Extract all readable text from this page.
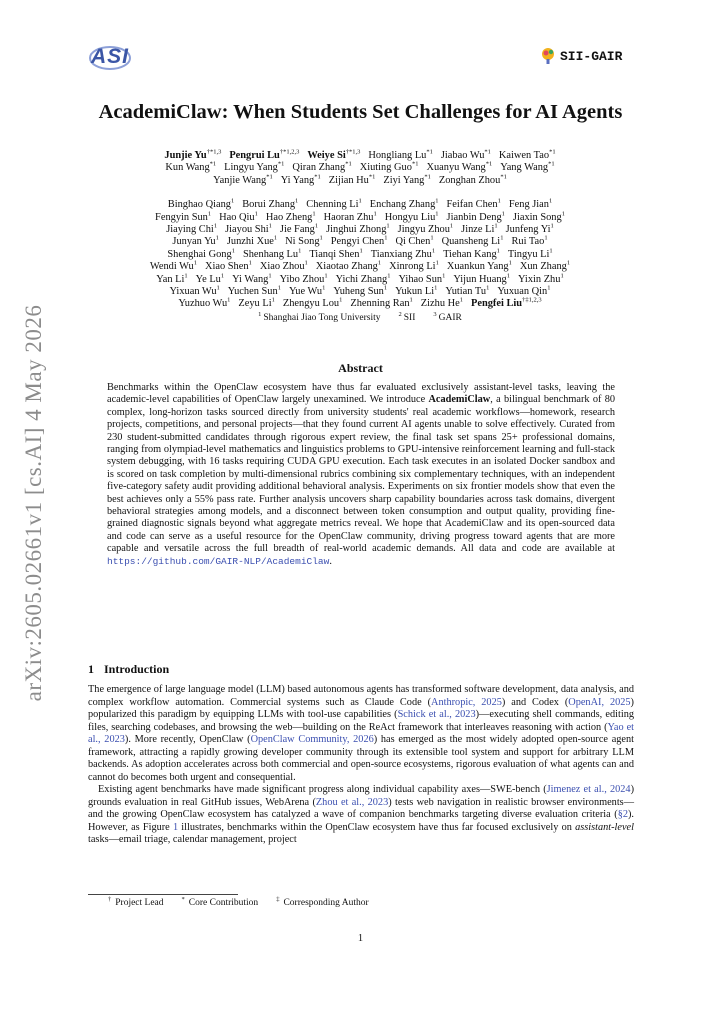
ASI	SII-GAIR
arXiv:2605.02661v1 [cs.AI] 4 May 2026
AcademiClaw: When Students Set Challenges for AI Agents
Junjie Yu$^{\dagger*1,3}$ Pengrui Lu$^{\dagger*1,2,3}$ Weiye Si$^{\dagger*1,3}$ Hongliang Lu$^{*1}$ Jiabao Wu$^{*1}$ Kaiwen Tao$^{*1}$
Kun Wang$^{*1}$ Lingyu Yang$^{*1}$ Qiran Zhang$^{*1}$ Xiuting Guo$^{*1}$ Xuanyu Wang$^{*1}$ Yang Wang$^{*1}$
Yanjie Wang$^{*1}$ Yi Yang$^{*1}$ Zijian Hu$^{*1}$ Ziyi Yang$^{*1}$ Zonghan Zhou$^{*1}$
Binghao Qiang$^1$ Borui Zhang$^1$ Chenning Li$^1$ Enchang Zhang$^1$ Feifan Chen$^1$ Feng Jian$^1$
Fengyin Sun$^1$ Hao Qiu$^1$ Hao Zheng$^1$ Haoran Zhu$^1$ Hongyu Liu$^1$ Jianbin Deng$^1$ Jiaxin Song$^1$
Jiaying Chi$^1$ Jiayou Shi$^1$ Jie Fang$^1$ Jinghui Zhong$^1$ Jingyu Zhou$^1$ Jinze Li$^1$ Junfeng Yi$^1$
Junyan Yu$^1$ Junzhi Xue$^1$ Ni Song$^1$ Pengyi Chen$^1$ Qi Chen$^1$ Quansheng Li$^1$ Rui Tao$^1$
Shenghai Gong$^1$ Shenhang Lu$^1$ Tianqi Shen$^1$ Tianxiang Zhu$^1$ Tiehan Kang$^1$ Tingyu Li$^1$
Wendi Wu$^1$ Xiao Shen$^1$ Xiao Zhou$^1$ Xiaotao Zhang$^1$ Xinrong Li$^1$ Xuankun Yang$^1$ Xun Zhang$^1$
Yan Li$^1$ Ye Lu$^1$ Yi Wang$^1$ Yibo Zhou$^1$ Yichi Zhang$^1$ Yihao Sun$^1$ Yijun Huang$^1$ Yixin Zhu$^1$
Yixuan Wu$^1$ Yuchen Sun$^1$ Yue Wu$^1$ Yuheng Sun$^1$ Yukun Li$^1$ Yutian Tu$^1$ Yuxuan Qin$^1$
Yuzhuo Wu$^1$ Zeyu Li$^1$ Zhengyu Lou$^1$ Zhenning Ran$^1$ Zizhu He$^1$ Pengfei Liu$^{\dagger\ddagger 1,2,3}$
$^1$ Shanghai Jiao Tong University	$^2$ SII	$^3$ GAIR
Abstract
Benchmarks within the OpenClaw ecosystem have thus far evaluated exclusively assistant-level tasks, leaving the academic-level capabilities of OpenClaw largely unexamined. We introduce AcademiClaw, a bilingual benchmark of 80 complex, long-horizon tasks sourced directly from university students' real academic workflows—homework, research projects, competitions, and personal projects—that they found current AI agents unable to solve effectively. Curated from 230 student-submitted candidates through rigorous expert review, the final task set spans 25+ professional domains, ranging from olympiad-level mathematics and linguistics problems to GPU-intensive reinforcement learning and full-stack system debugging, with 16 tasks requiring CUDA GPU execution. Each task executes in an isolated Docker sandbox and is scored on task completion by multi-dimensional rubrics combining six complementary techniques, with an independent five-category safety audit providing additional behavioral analysis. Experiments on six frontier models show that even the best achieves only a 55% pass rate. Further analysis uncovers sharp capability boundaries across task domains, divergent behavioral strategies among models, and a disconnect between token consumption and output quality, providing fine-grained diagnostic signals beyond what aggregate metrics reveal. We hope that AcademiClaw and its open-sourced data and code can serve as a useful resource for the OpenClaw community, driving progress toward agents that are more capable and versatile across the full breadth of real-world academic demands. All data and code are available at https://github.com/GAIR-NLP/AcademiClaw.
1 Introduction

The emergence of large language model (LLM) based autonomous agents has transformed software development, data analysis, and complex workflow automation. Commercial systems such as Claude Code (Anthropic, 2025) and Codex (OpenAI, 2025) popularized this paradigm by equipping LLMs with tool-use capabilities (Schick et al., 2023)—executing shell commands, editing files, searching codebases, and browsing the web—building on the ReAct framework that interleaves reasoning with action (Yao et al., 2023). More recently, OpenClaw (OpenClaw Community, 2026) has emerged as the most widely adopted open-source agent framework, attracting a rapidly growing developer community through its extensible tool system and support for arbitrary LLM backends. As adoption accelerates across both commercial and open-source ecosystems, rigorous evaluation of what agents can and cannot do becomes both urgent and consequential.

Existing agent benchmarks have made significant progress along individual capability axes—SWE-bench (Jimenez et al., 2024) grounds evaluation in real GitHub issues, WebArena (Zhou et al., 2023) tests web navigation in realistic browser environments—and the growing OpenClaw ecosystem has catalyzed a wave of companion benchmarks targeting diverse evaluation criteria (§2). However, as Figure 1 illustrates, benchmarks within the OpenClaw ecosystem have thus far focused exclusively on assistant-level tasks—email triage, calendar management, project

† Project Lead	* Core Contribution	‡ Corresponding Author
1
